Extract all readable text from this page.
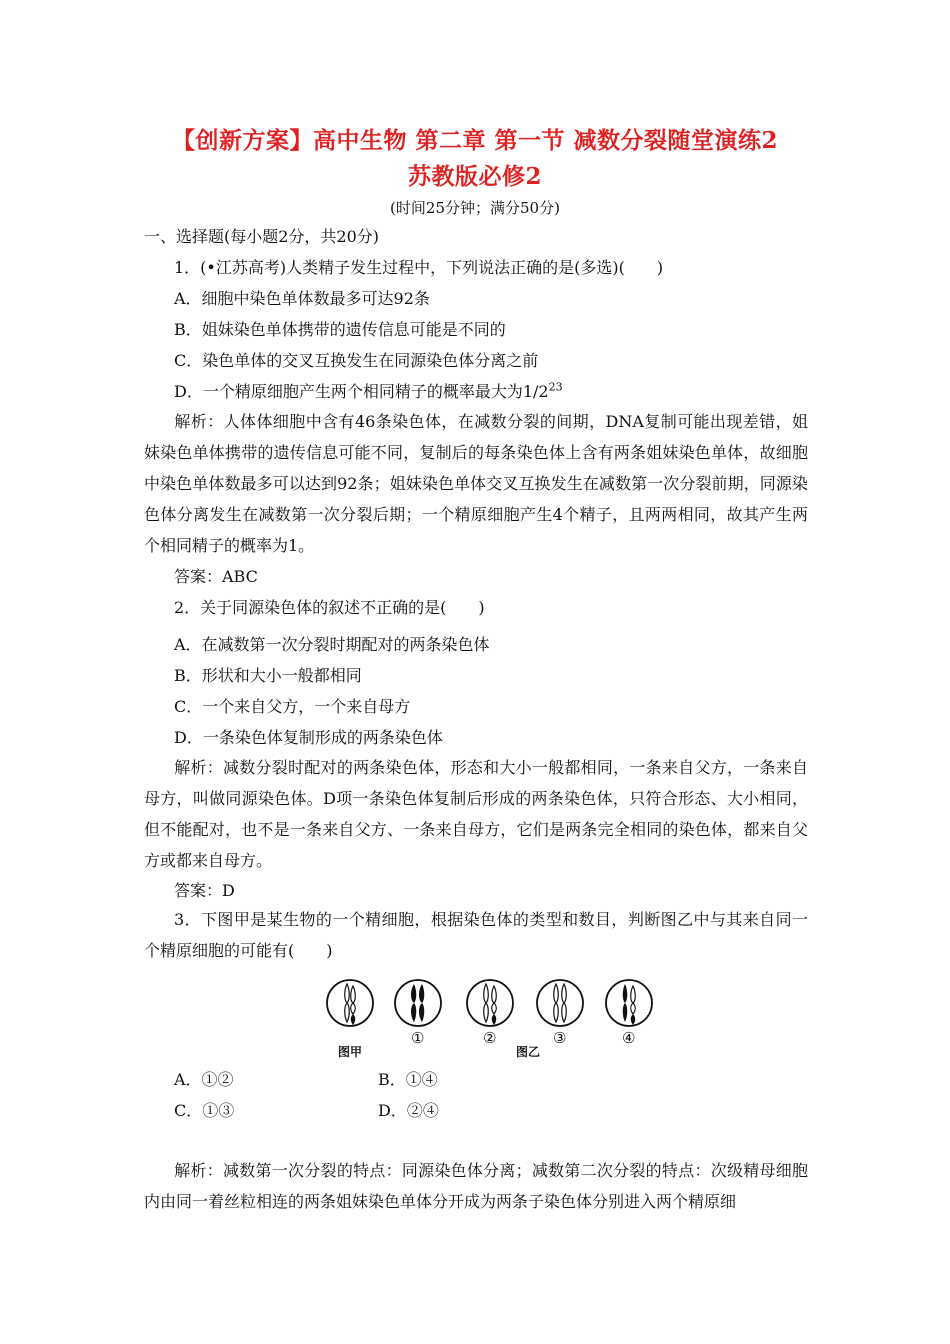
【创新方案】高中生物 第二章 第一节 减数分裂随堂演练2
苏教版必修2
(时间25分钟；满分50分)
一、选择题(每小题2分，共20分)
1．(•江苏高考)人类精子发生过程中，下列说法正确的是(多选)(　　)
A．细胞中染色单体数最多可达92条
B．姐妹染色单体携带的遗传信息可能是不同的
C．染色单体的交叉互换发生在同源染色体分离之前
D．一个精原细胞产生两个相同精子的概率最大为$1/2^{23}$
解析：人体体细胞中含有46条染色体，在减数分裂的间期，DNA复制可能出现差错，姐妹染色单体携带的遗传信息可能不同，复制后的每条染色体上含有两条姐妹染色单体，故细胞中染色单体数最多可以达到92条；姐妹染色单体交叉互换发生在减数第一次分裂前期，同源染色体分离发生在减数第一次分裂后期；一个精原细胞产生4个精子，且两两相同，故其产生两个相同精子的概率为1。
答案：ABC
2．关于同源染色体的叙述不正确的是(　　)
A．在减数第一次分裂时期配对的两条染色体
B．形状和大小一般都相同
C．一个来自父方，一个来自母方
D．一条染色体复制形成的两条染色体
解析：减数分裂时配对的两条染色体，形态和大小一般都相同，一条来自父方，一条来自母方，叫做同源染色体。D项一条染色体复制后形成的两条染色体，只符合形态、大小相同，但不能配对，也不是一条来自父方、一条来自母方，它们是两条完全相同的染色体，都来自父方或都来自母方。
答案：D
3．下图甲是某生物的一个精细胞，根据染色体的类型和数目，判断图乙中与其来自同一个精原细胞的可能有(　　)
图甲
①	②
图乙
③	④
A．①②	B．①④
C．①③	D．②④
解析：减数第一次分裂的特点：同源染色体分离；减数第二次分裂的特点：次级精母细胞内由同一着丝粒相连的两条姐妹染色单体分开成为两条子染色体分别进入两个精原细
